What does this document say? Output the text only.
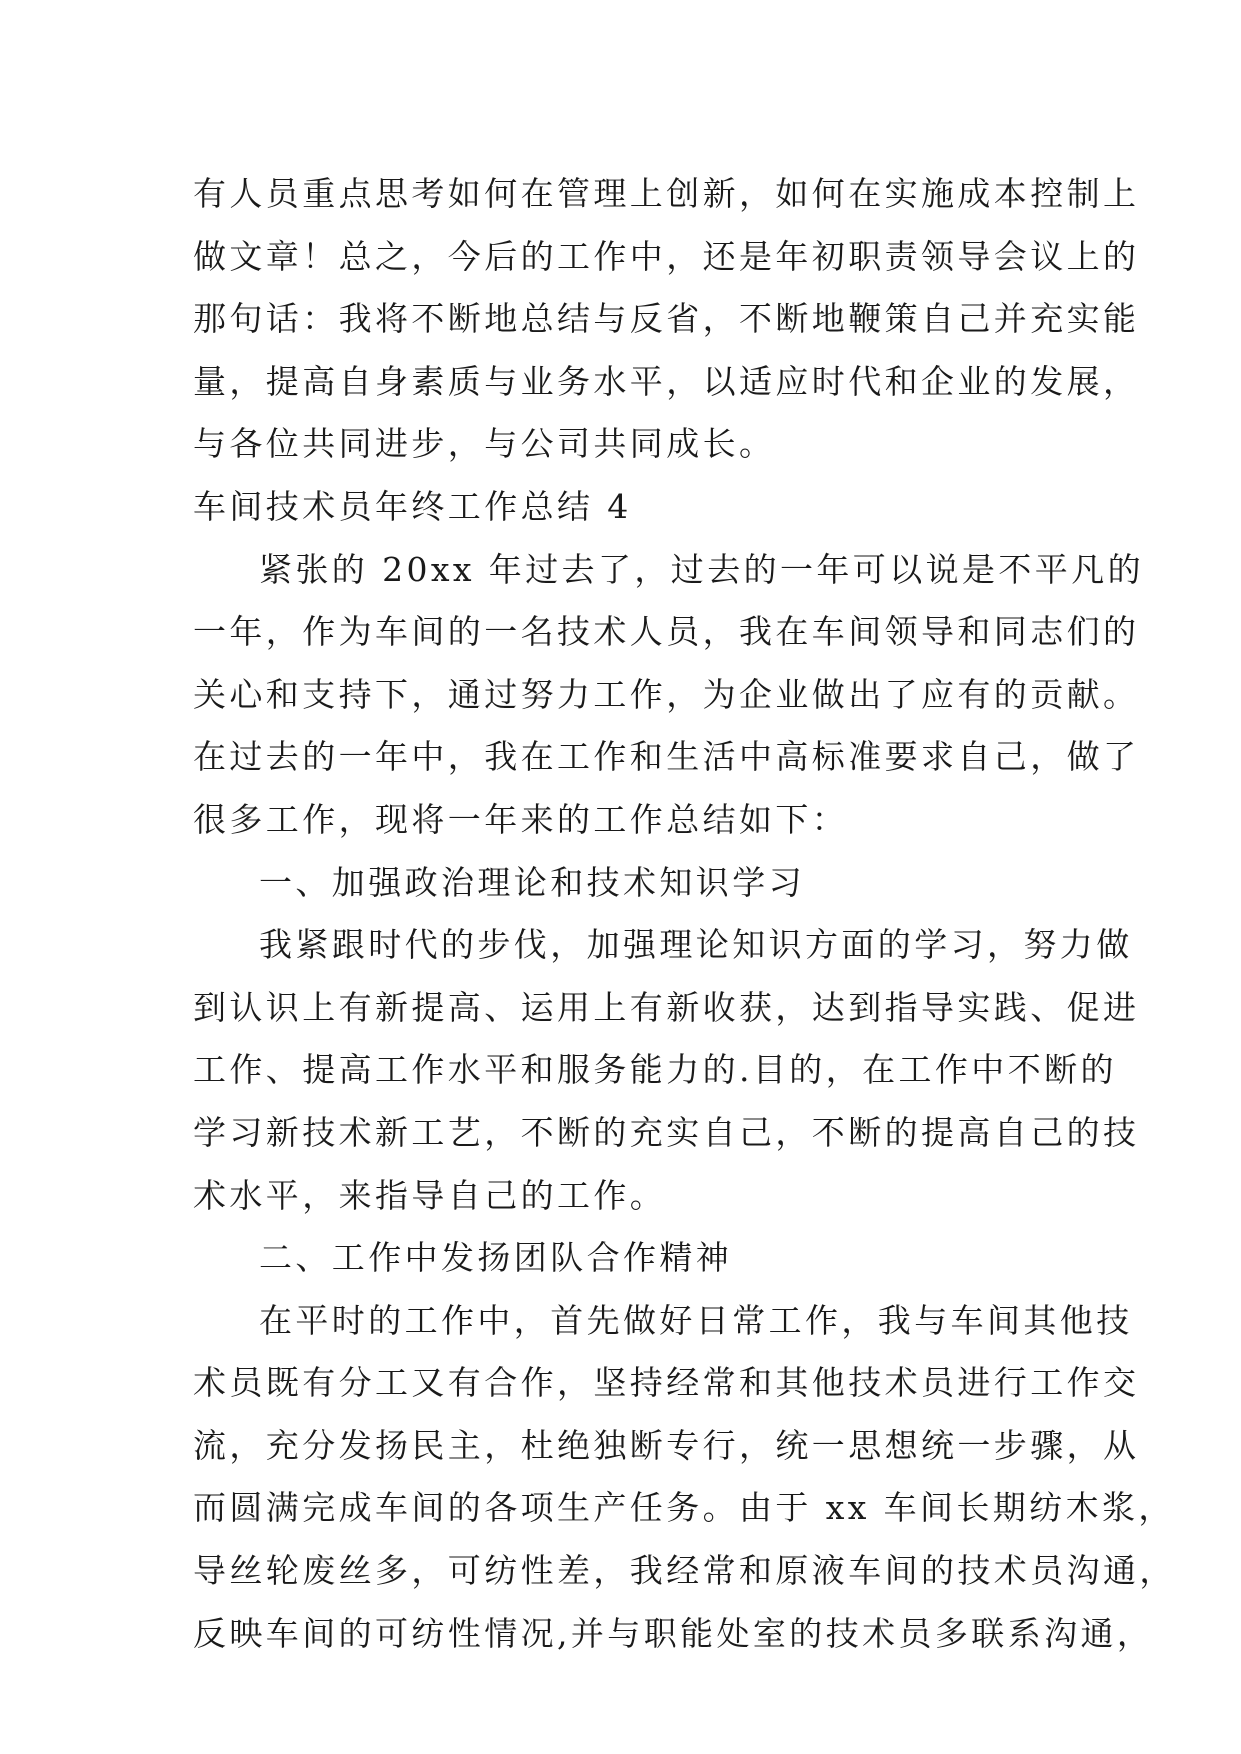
有人员重点思考如何在管理上创新，如何在实施成本控制上
做文章！总之，今后的工作中，还是年初职责领导会议上的
那句话：我将不断地总结与反省，不断地鞭策自己并充实能
量，提高自身素质与业务水平，以适应时代和企业的发展，
与各位共同进步，与公司共同成长。
车间技术员年终工作总结 4
紧张的 20xx 年过去了，过去的一年可以说是不平凡的
一年，作为车间的一名技术人员，我在车间领导和同志们的
关心和支持下，通过努力工作，为企业做出了应有的贡献。
在过去的一年中，我在工作和生活中高标准要求自己，做了
很多工作，现将一年来的工作总结如下：
一、加强政治理论和技术知识学习
我紧跟时代的步伐，加强理论知识方面的学习，努力做
到认识上有新提高、运用上有新收获，达到指导实践、促进
工作、提高工作水平和服务能力的.目的，在工作中不断的
学习新技术新工艺，不断的充实自己，不断的提高自己的技
术水平，来指导自己的工作。
二、工作中发扬团队合作精神
在平时的工作中，首先做好日常工作，我与车间其他技
术员既有分工又有合作，坚持经常和其他技术员进行工作交
流，充分发扬民主，杜绝独断专行，统一思想统一步骤，从
而圆满完成车间的各项生产任务。由于 xx 车间长期纺木浆，
导丝轮废丝多，可纺性差，我经常和原液车间的技术员沟通，
反映车间的可纺性情况,并与职能处室的技术员多联系沟通，
